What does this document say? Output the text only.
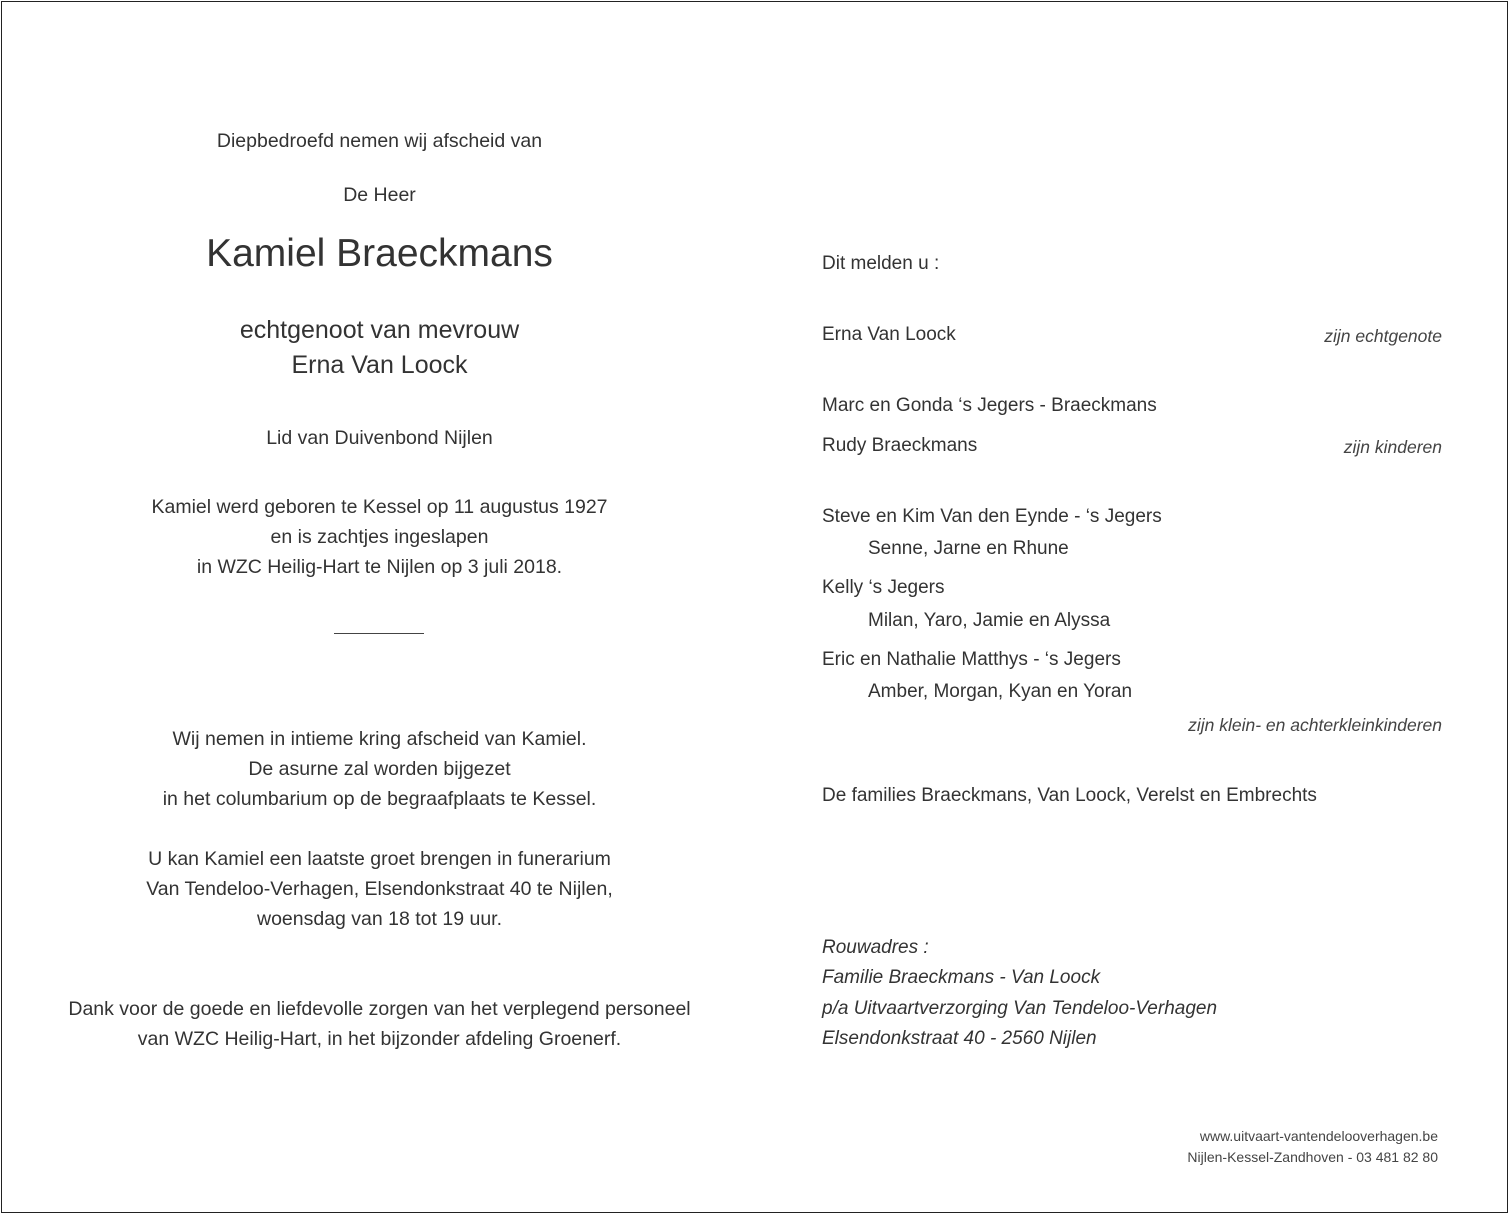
Diepbedroefd nemen wij afscheid van
De Heer
Kamiel Braeckmans
echtgenoot van mevrouw
Erna Van Loock
Lid van Duivenbond Nijlen
Kamiel werd geboren te Kessel op 11 augustus 1927
en is zachtjes ingeslapen
in WZC Heilig-Hart te Nijlen op 3 juli 2018.
Wij nemen in intieme kring afscheid van Kamiel.
De asurne zal worden bijgezet
in het columbarium op de begraafplaats te Kessel.
U kan Kamiel een laatste groet brengen in funerarium
Van Tendeloo-Verhagen, Elsendonkstraat 40 te Nijlen,
woensdag van 18 tot 19 uur.
Dank voor de goede en liefdevolle zorgen van het verplegend personeel
van WZC Heilig-Hart, in het bijzonder afdeling Groenerf.
Dit melden u :
Erna Van Loock	zijn echtgenote
Marc en Gonda ‘s Jegers - Braeckmans
Rudy Braeckmans	zijn kinderen
Steve en Kim Van den Eynde - ‘s Jegers
Senne, Jarne en Rhune
Kelly ‘s Jegers
Milan, Yaro, Jamie en Alyssa
Eric en Nathalie Matthys - ‘s Jegers
Amber, Morgan, Kyan en Yoran
zijn klein- en achterkleinkinderen
De families Braeckmans, Van Loock, Verelst en Embrechts
Rouwadres :
Familie Braeckmans - Van Loock
p/a Uitvaartverzorging Van Tendeloo-Verhagen
Elsendonkstraat 40 - 2560 Nijlen
www.uitvaart-vantendelooverhagen.be
Nijlen-Kessel-Zandhoven - 03 481 82 80
